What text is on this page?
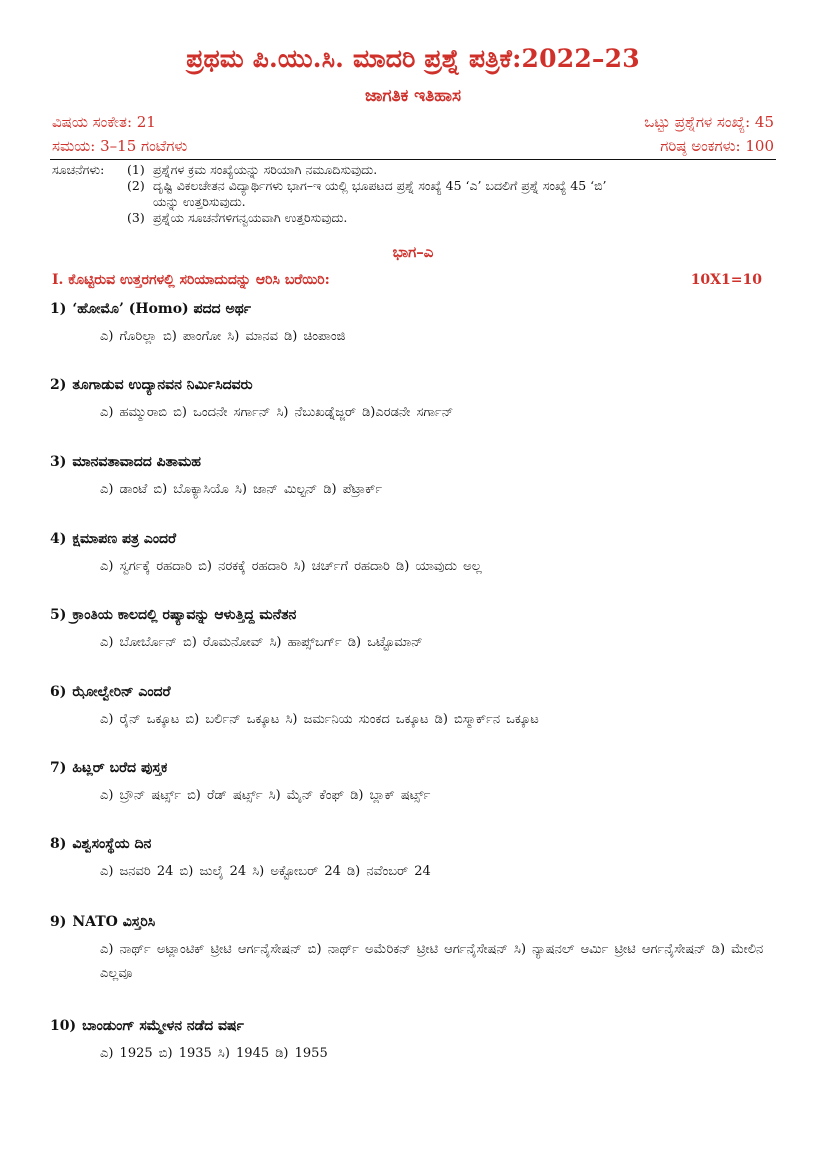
ಪ್ರಥಮ ಪಿ.ಯು.ಸಿ. ಮಾದರಿ ಪ್ರಶ್ನೆ ಪತ್ರಿಕೆ:2022–23
ಜಾಗತಿಕ ಇತಿಹಾಸ
ವಿಷಯ ಸಂಕೇತ: 21	ಒಟ್ಟು ಪ್ರಶ್ನೆಗಳ ಸಂಖ್ಯೆ: 45
ಸಮಯ: 3–15 ಗಂಟೆಗಳು	ಗರಿಷ್ಠ ಅಂಕಗಳು: 100
ಸೂಚನೆಗಳು:	(1) ಪ್ರಶ್ನೆಗಳ ಕ್ರಮ ಸಂಖ್ಯೆಯನ್ನು ಸರಿಯಾಗಿ ನಮೂದಿಸುವುದು.
(2) ದೃಷ್ಟಿ ವಿಕಲಚೇತನ ವಿದ್ಯಾರ್ಥಿಗಳು ಭಾಗ–ಇ ಯಲ್ಲಿ ಭೂಪಟದ ಪ್ರಶ್ನೆ ಸಂಖ್ಯೆ 45 ‘ಎ’ ಬದಲಿಗೆ ಪ್ರಶ್ನೆ ಸಂಖ್ಯೆ 45 ‘ಬಿ’
ಯನ್ನು ಉತ್ತರಿಸುವುದು.
(3) ಪ್ರಶ್ನೆಯ ಸೂಚನೆಗಳಿಗನ್ವಯವಾಗಿ ಉತ್ತರಿಸುವುದು.
ಭಾಗ–ಎ
I. ಕೊಟ್ಟಿರುವ ಉತ್ತರಗಳಲ್ಲಿ ಸರಿಯಾದುದನ್ನು ಆರಿಸಿ ಬರೆಯಿರಿ:	10X1=10
1) ‘ಹೋಮೊ’ (Homo) ಪದದ ಅರ್ಥ
ಎ) ಗೊರಿಲ್ಲಾ ಬಿ) ಪಾಂಗೋ ಸಿ) ಮಾನವ ಡಿ) ಚಿಂಪಾಂಜಿ
2) ತೂಗಾಡುವ ಉದ್ಯಾನವನ ನಿರ್ಮಿಸಿದವರು
ಎ) ಹಮ್ಮುರಾಬಿ ಬಿ) ಒಂದನೇ ಸರ್ಗಾನ್ ಸಿ) ನೆಬುಖಡ್ನೆಜ್ಜರ್ ಡಿ)ಎರಡನೇ ಸರ್ಗಾನ್
3) ಮಾನವತಾವಾದದ ಪಿತಾಮಹ
ಎ) ಡಾಂಟೆ ಬಿ) ಬೊಕ್ಯಾಸಿಯೊ ಸಿ) ಜಾನ್ ಮಿಲ್ಟನ್ ಡಿ) ಪೆಟ್ರಾರ್ಕ್
4) ಕ್ಷಮಾಪಣ ಪತ್ರ ಎಂದರೆ
ಎ) ಸ್ವರ್ಗಕ್ಕೆ ರಹದಾರಿ ಬಿ) ನರಕಕ್ಕೆ ರಹದಾರಿ ಸಿ) ಚರ್ಚ್‌ಗೆ ರಹದಾರಿ ಡಿ) ಯಾವುದು ಅಲ್ಲ
5) ಕ್ರಾಂತಿಯ ಕಾಲದಲ್ಲಿ ರಷ್ಯಾವನ್ನು ಆಳುತ್ತಿದ್ದ ಮನೆತನ
ಎ) ಬೋರ್ಬೊನ್ ಬಿ) ರೊಮನೋವ್ ಸಿ) ಹಾಪ್ಸ್‌ಬರ್ಗ್ ಡಿ) ಒಟ್ಟೊಮಾನ್
6) ಝೋಲ್ವೇರಿನ್ ಎಂದರೆ
ಎ) ರೈನ್ ಒಕ್ಕೂಟ ಬಿ) ಬರ್ಲಿನ್ ಒಕ್ಕೂಟ ಸಿ) ಜರ್ಮನಿಯ ಸುಂಕದ ಒಕ್ಕೂಟ ಡಿ) ಬಿಸ್ಮಾರ್ಕ್‌ನ ಒಕ್ಕೂಟ
7) ಹಿಟ್ಲರ್ ಬರೆದ ಪುಸ್ತಕ
ಎ) ಬ್ರೌನ್ ಷರ್ಟ್ಸ್ ಬಿ) ರೆಡ್ ಷರ್ಟ್ಸ್ ಸಿ) ಮೈನ್ ಕೆಂಫ್ ಡಿ) ಬ್ಲಾಕ್ ಷರ್ಟ್ಸ್
8) ವಿಶ್ವಸಂಸ್ಥೆಯ ದಿನ
ಎ) ಜನವರಿ 24 ಬಿ) ಜುಲೈ 24 ಸಿ) ಅಕ್ಟೋಬರ್ 24 ಡಿ) ನವೆಂಬರ್ 24
9) NATO ವಿಸ್ತರಿಸಿ
ಎ) ನಾರ್ಥ್ ಅಟ್ಲಾಂಟಿಕ್ ಟ್ರೀಟಿ ಆರ್ಗನೈಸೇಷನ್ ಬಿ) ನಾರ್ಥ್ ಅಮೆರಿಕನ್ ಟ್ರೀಟಿ ಆರ್ಗನೈಸೇಷನ್ ಸಿ) ನ್ಯಾಷನಲ್ ಆರ್ಮಿ ಟ್ರೀಟಿ ಆರ್ಗನೈಸೇಷನ್ ಡಿ) ಮೇಲಿನ ಎಲ್ಲವೂ
10) ಬಾಂಡುಂಗ್ ಸಮ್ಮೇಳನ ನಡೆದ ವರ್ಷ
ಎ) 1925 ಬಿ) 1935 ಸಿ) 1945 ಡಿ) 1955
